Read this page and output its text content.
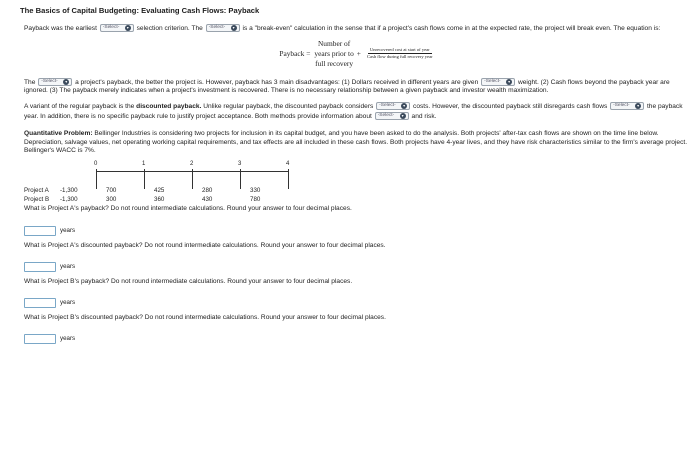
The Basics of Capital Budgeting: Evaluating Cash Flows: Payback
Payback was the earliest -Select-	▾	selection criterion. The -Select-	▾	is a "break-even" calculation in the sense that if a project's cash flows come in at the expected rate, the project will break even. The equation is:
Payback =
Number of
years prior to
full recovery
+ $\frac{\text{Unrecovered cost at start of year}}{\text{Cash flow during full recovery year}}$
The -Select-	▾	a project's payback, the better the project is. However, payback has 3 main disadvantages: (1) Dollars received in different years are given -Select-	▾	weight. (2) Cash flows beyond the payback year are ignored. (3) The payback merely indicates when a project's investment is recovered. There is no necessary relationship between a given payback and investor wealth maximization.
A variant of the regular payback is the discounted payback. Unlike regular payback, the discounted payback considers -Select-	▾	costs. However, the discounted payback still disregards cash flows -Select-	▾	the payback year. In addition, there is no specific payback rule to justify project acceptance. Both methods provide information about -Select-	▾	and risk.
Quantitative Problem: Bellinger Industries is considering two projects for inclusion in its capital budget, and you have been asked to do the analysis. Both projects' after-tax cash flows are shown on the time line below. Depreciation, salvage values, net operating working capital requirements, and tax effects are all included in these cash flows. Both projects have 4-year lives, and they have risk characteristics similar to the firm's average project. Bellinger's WACC is 7%.
0	1	2	3	4
Project A	-1,300	700	425	280	330
Project B	-1,300	300	360	430	780
What is Project A's payback? Do not round intermediate calculations. Round your answer to four decimal places.
years
What is Project A's discounted payback? Do not round intermediate calculations. Round your answer to four decimal places.
years
What is Project B's payback? Do not round intermediate calculations. Round your answer to four decimal places.
years
What is Project B's discounted payback? Do not round intermediate calculations. Round your answer to four decimal places.
years
